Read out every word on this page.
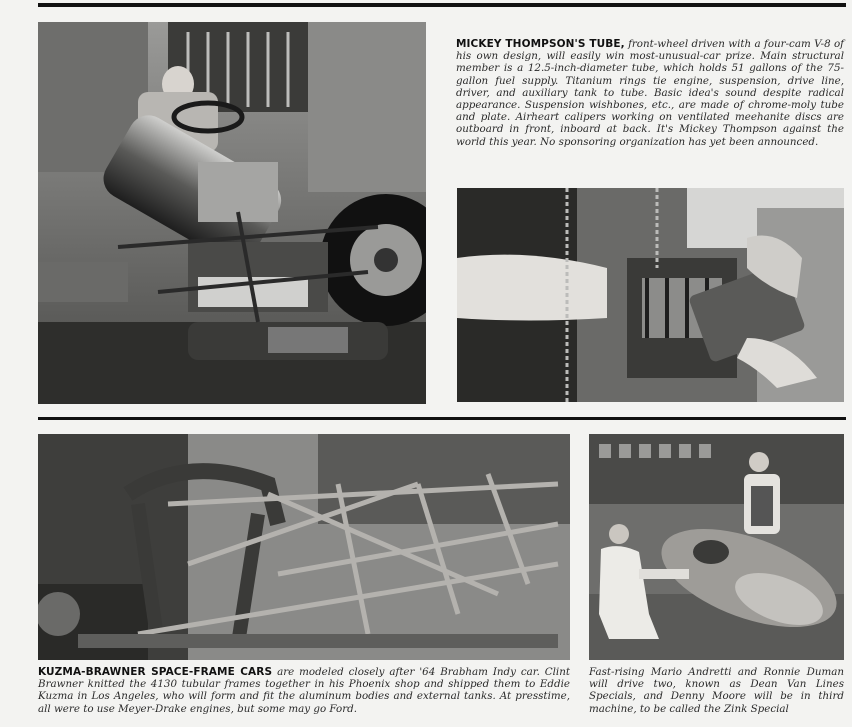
MICKEY THOMPSON'S TUBE, front-wheel driven with a four-cam V-8 of his own design, will easily win most-unusual-car prize. Main structural member is a 12.5-inch-diameter tube, which holds 51 gallons of the 75-gallon fuel supply. Titanium rings tie engine, suspension, drive line, driver, and auxiliary tank to tube. Basic idea's sound despite radical appearance. Suspension wishbones, etc., are made of chrome-moly tube and plate. Airheart calipers working on ventilated meehanite discs are outboard in front, inboard at back. It's Mickey Thompson against the world this year. No sponsoring organization has yet been announced.
KUZMA-BRAWNER SPACE-FRAME CARS are modeled closely after '64 Brabham Indy car. Clint Brawner knitted the 4130 tubular frames together in his Phoenix shop and shipped them to Eddie Kuzma in Los Angeles, who will form and fit the aluminum bodies and external tanks. At presstime, all were to use Meyer-Drake engines, but some may go Ford.
Fast-rising Mario Andretti and Ronnie Duman will drive two, known as Dean Van Lines Specials, and Denny Moore will be in third machine, to be called the Zink Special
